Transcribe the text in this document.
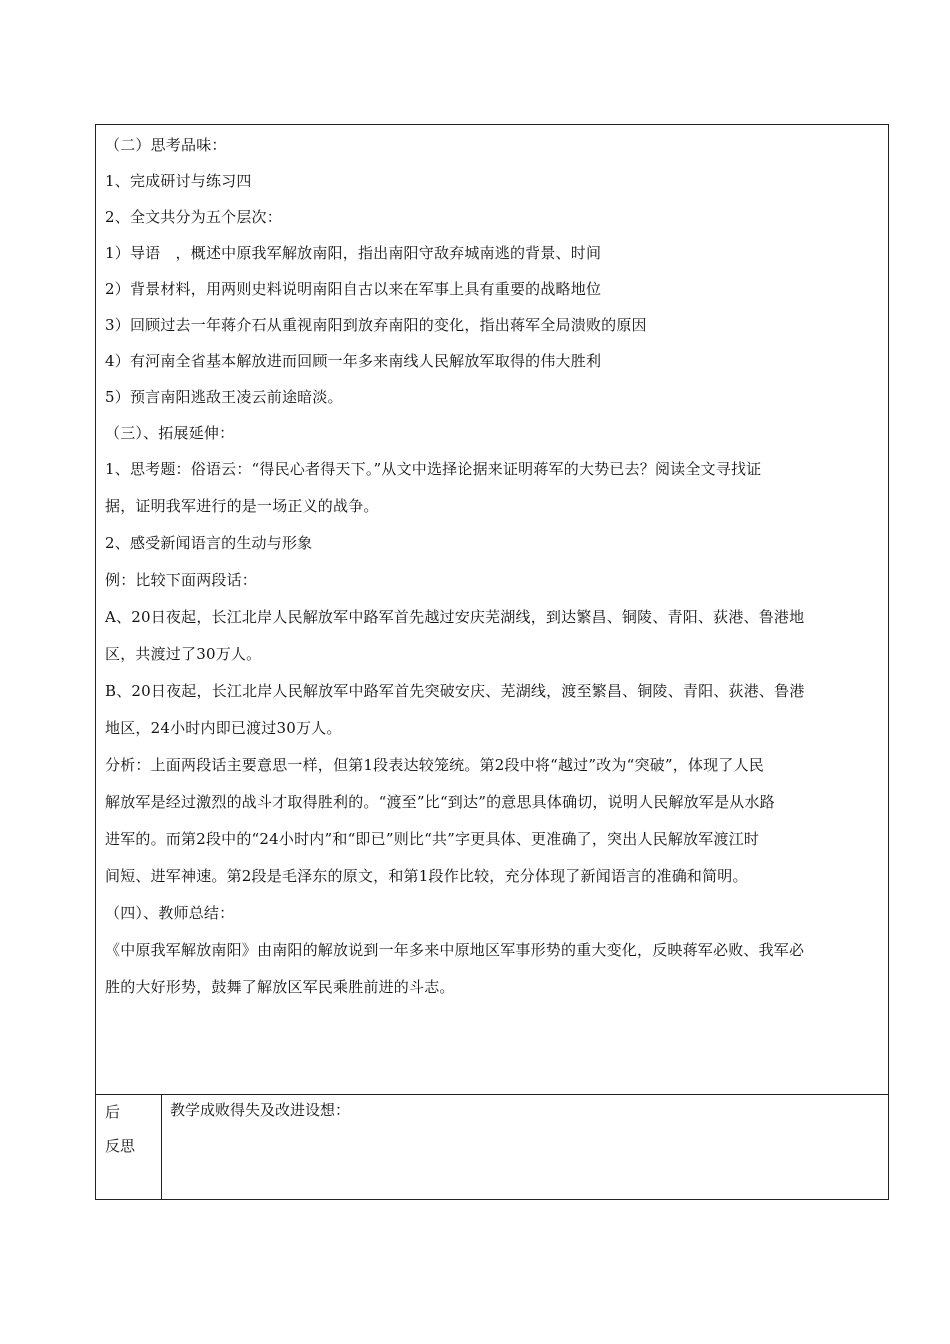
（二）思考品味：
1、完成研讨与练习四
2、全文共分为五个层次：
1）导语　，概述中原我军解放南阳，指出南阳守敌弃城南逃的背景、时间
2）背景材料，用两则史料说明南阳自古以来在军事上具有重要的战略地位
3）回顾过去一年蒋介石从重视南阳到放弃南阳的变化，指出蒋军全局溃败的原因
4）有河南全省基本解放进而回顾一年多来南线人民解放军取得的伟大胜利
5）预言南阳逃敌王凌云前途暗淡。
（三）、拓展延伸：
1、思考题：俗语云：“得民心者得天下。”从文中选择论据来证明蒋军的大势已去？阅读全文寻找证
据，证明我军进行的是一场正义的战争。
2、感受新闻语言的生动与形象
例：比较下面两段话：
A、20日夜起，长江北岸人民解放军中路军首先越过安庆芜湖线，到达繁昌、铜陵、青阳、荻港、鲁港地
区，共渡过了30万人。
B、20日夜起，长江北岸人民解放军中路军首先突破安庆、芜湖线，渡至繁昌、铜陵、青阳、荻港、鲁港
地区，24小时内即已渡过30万人。
分析：上面两段话主要意思一样，但第1段表达较笼统。第2段中将“越过”改为“突破”，体现了人民
解放军是经过激烈的战斗才取得胜利的。“渡至”比“到达”的意思具体确切，说明人民解放军是从水路
进军的。而第2段中的“24小时内”和“即已”则比“共”字更具体、更准确了，突出人民解放军渡江时
间短、进军神速。第2段是毛泽东的原文，和第1段作比较，充分体现了新闻语言的准确和简明。
（四）、教师总结：
《中原我军解放南阳》由南阳的解放说到一年多来中原地区军事形势的重大变化，反映蒋军必败、我军必
胜的大好形势，鼓舞了解放区军民乘胜前进的斗志。
后
反思
教学成败得失及改进设想：
